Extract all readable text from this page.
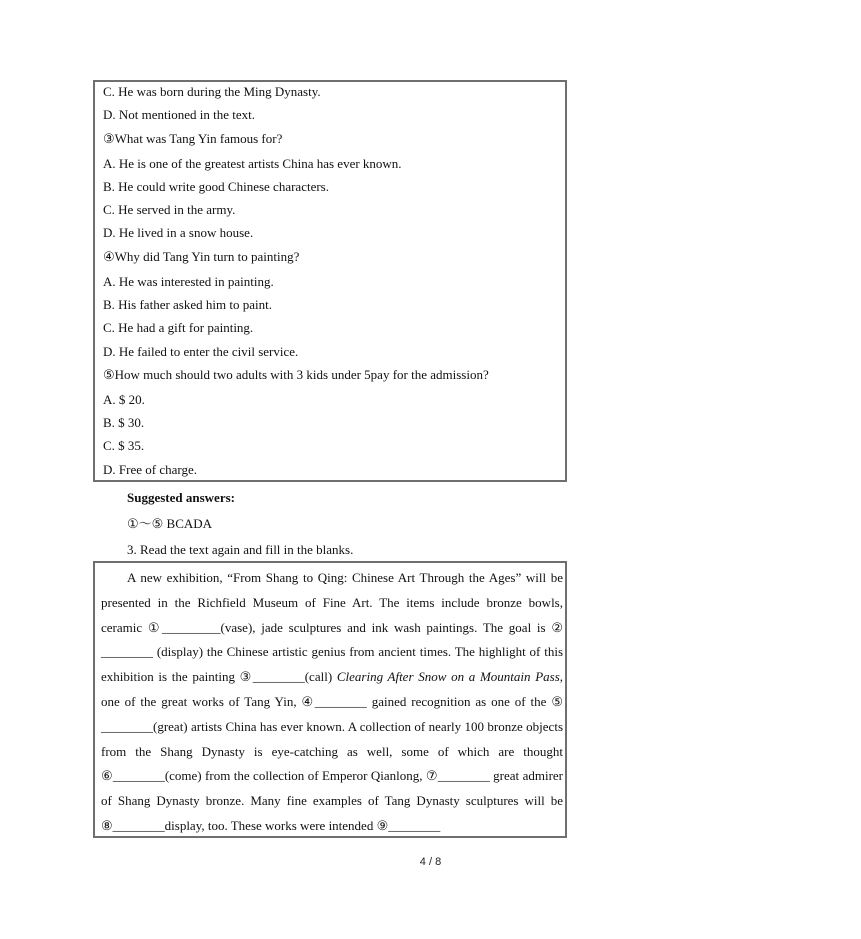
C. He was born during the Ming Dynasty.
D. Not mentioned in the text.
③What was Tang Yin famous for?
A. He is one of the greatest artists China has ever known.
B. He could write good Chinese characters.
C. He served in the army.
D. He lived in a snow house.
④Why did Tang Yin turn to painting?
A. He was interested in painting.
B. His father asked him to paint.
C. He had a gift for painting.
D. He failed to enter the civil service.
⑤How much should two adults with 3 kids under 5pay for the admission?
A. $ 20.
B. $ 30.
C. $ 35.
D. Free of charge.
Suggested answers:
①～⑤ BCADA
3. Read the text again and fill in the blanks.
A new exhibition, “From Shang to Qing: Chinese Art Through the Ages” will be presented in the Richfield Museum of Fine Art. The items include bronze bowls, ceramic ①_________(vase), jade sculptures and ink wash paintings. The goal is ② ________ (display) the Chinese artistic genius from ancient times. The highlight of this exhibition is the painting ③________(call) Clearing After Snow on a Mountain Pass, one of the great works of Tang Yin, ④________ gained recognition as one of the ⑤ ________(great) artists China has ever known. A collection of nearly 100 bronze objects from the Shang Dynasty is eye-catching as well, some of which are thought ⑥________(come) from the collection of Emperor Qianlong, ⑦________ great admirer of Shang Dynasty bronze. Many fine examples of Tang Dynasty sculptures will be ⑧________display, too. These works were intended ⑨________
4 / 8
